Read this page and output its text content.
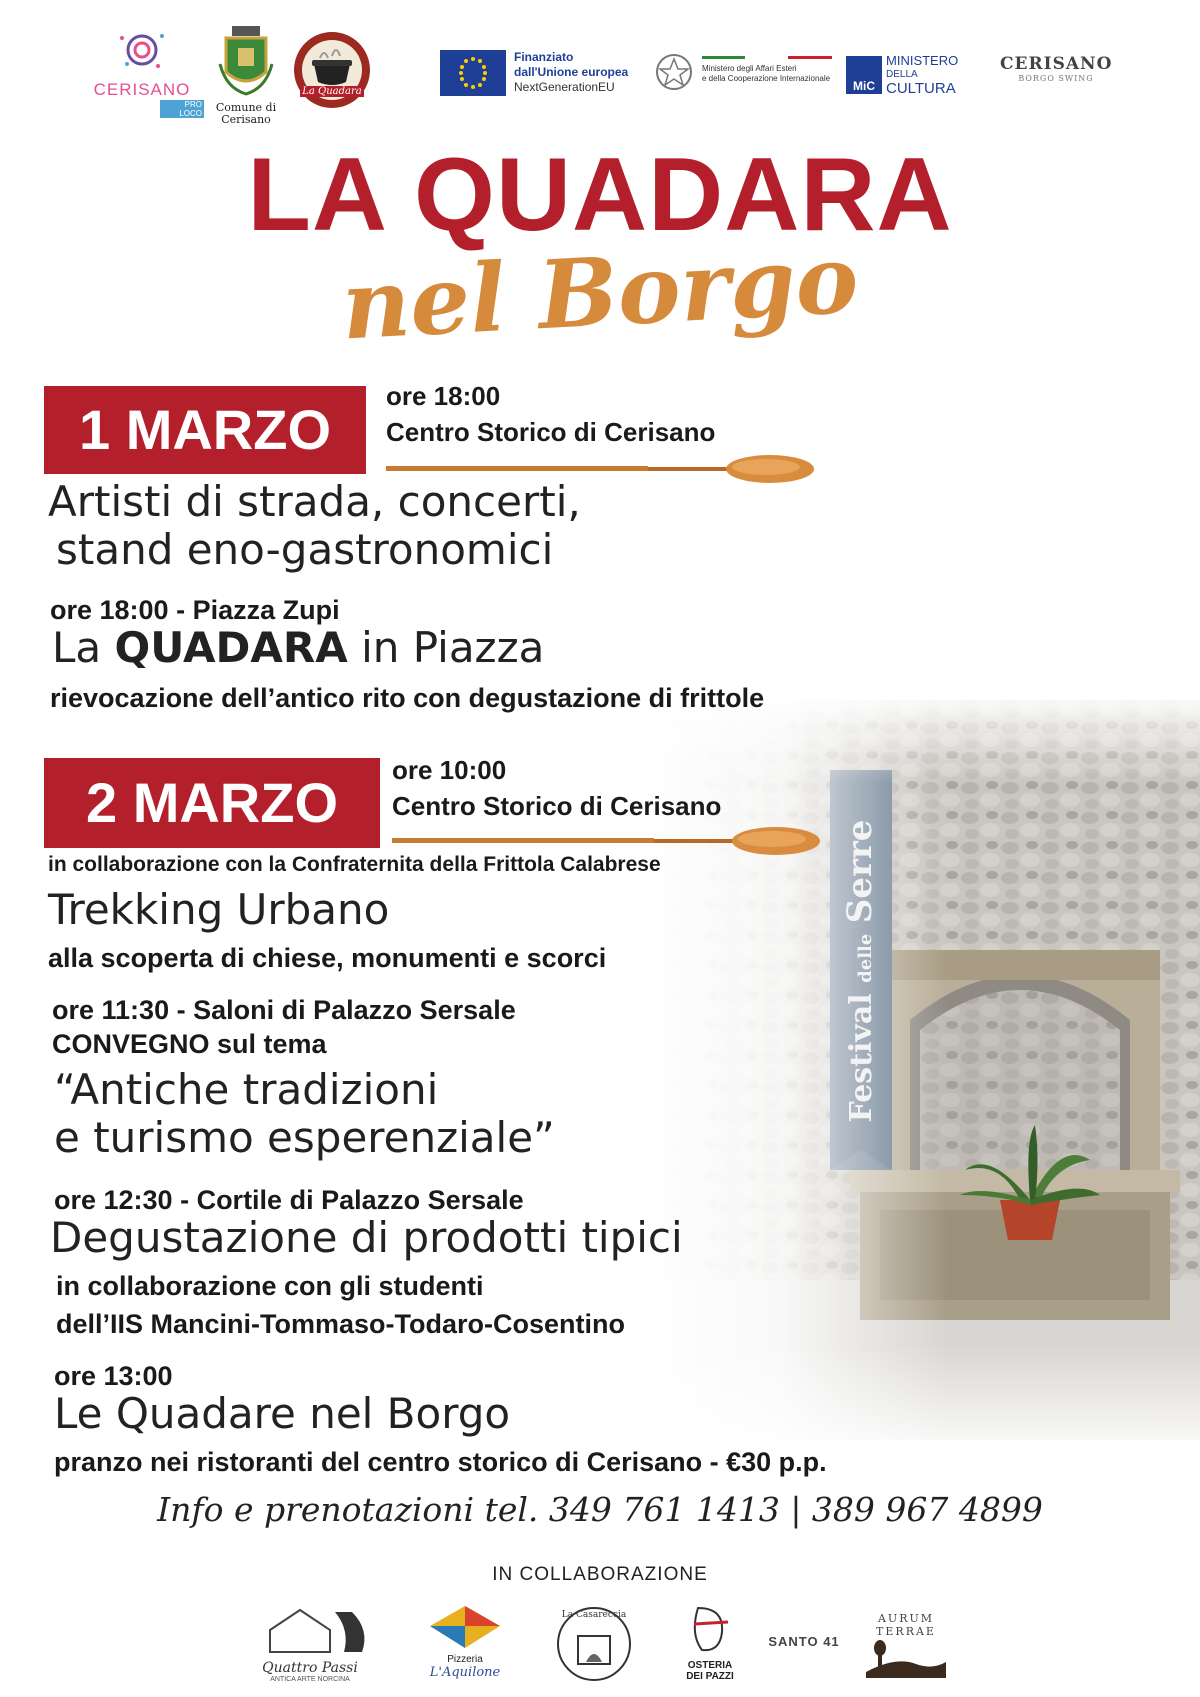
Festival delle Serre
CERISANO
PRO LOCO	Comune di Cerisano
La Quadara
Finanziato
dall'Unione europea
NextGenerationEU
Ministero degli Affari Esteri
e della Cooperazione Internazionale
MiC
MINISTERO
DELLA
CULTURA
CERISANO
BORGO SWING
LA QUADARA
nel Borgo
1 MARZO
ore 18:00
Centro Storico di Cerisano
Artisti di strada, concerti,
stand eno-gastronomici
ore 18:00 - Piazza Zupi
La QUADARA in Piazza
rievocazione dell’antico rito con degustazione di frittole
2 MARZO
ore 10:00
Centro Storico di Cerisano
in collaborazione con la Confraternita della Frittola Calabrese
Trekking Urbano
alla scoperta di chiese, monumenti e scorci
ore 11:30 - Saloni di Palazzo Sersale
CONVEGNO sul tema
“Antiche tradizioni
e turismo esperenziale”
ore 12:30 - Cortile di Palazzo Sersale
Degustazione di prodotti tipici
in collaborazione con gli studenti
dell’IIS Mancini-Tommaso-Todaro-Cosentino
ore 13:00
Le Quadare nel Borgo
pranzo nei ristoranti del centro storico di Cerisano - €30 p.p.
Info e prenotazioni tel. 349 761 1413 | 389 967 4899
IN COLLABORAZIONE
Quattro Passi
ANTICA ARTE NORCINA
Pizzeria
L'Aquilone
La Casareccia
OSTERIA
DEI PAZZI
SANTO 41
AURUM
TERRAE
